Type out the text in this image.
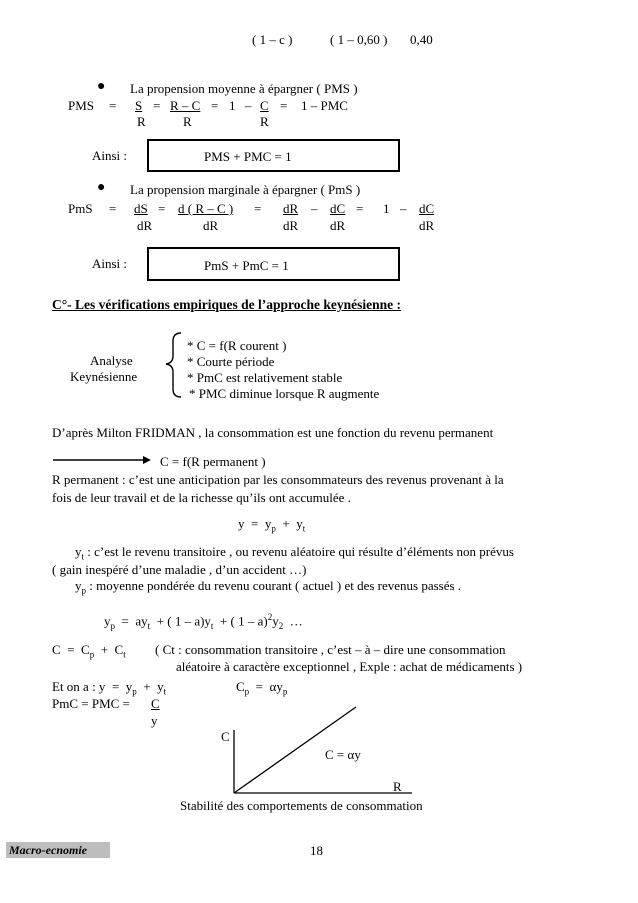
( 1 – c )	( 1 – 0,60 ) 0,40
● La propension moyenne à épargner ( PMS )
PMS = S = R – C = 1 – C = 1 – PMC
R	R	R
Ainsi :	PMS + PMC = 1
● La propension marginale à épargner ( PmS )
PmS = dS = d ( R – C ) = dR – dC = 1 – dC
dR	dR	dR dR	dR
Ainsi :	PmS + PmC = 1
C°- Les vérifications empiriques de l’approche keynésienne :
Analyse
Keynésienne
* C = f(R courent )
* Courte période
* PmC est relativement stable
* PMC diminue lorsque R augmente
D’après Milton FRIDMAN , la consommation est une fonction du revenu permanent
C = f(R permanent )
R permanent : c’est une anticipation par les consommateurs des revenus provenant à la
fois de leur travail et de la richesse qu’ils ont accumulée .
$y = y_p + y_t$
$y_t$ : c’est le revenu transitoire , ou revenu aléatoire qui résulte d’éléments non prévus
( gain inespéré d’une maladie , d’un accident …)
$y_p$ : moyenne pondérée du revenu courant ( actuel ) et des revenus passés .
$y_p = ay_t$ + ( $1 - a)y_t$ + ( $1 - a)^2y_2$ …
$C = C_p + C_t$ ( Ct : consommation transitoire , c’est – à – dire une consommation
aléatoire à caractère exceptionnel , Exple : achat de médicaments )
Et on a : $y = y_p + y_t$	$C_p = \alpha y_p$
PmC = PMC = C
y
C
C = αy
R
Stabilité des comportements de consommation
Macro-ecnomie	18
